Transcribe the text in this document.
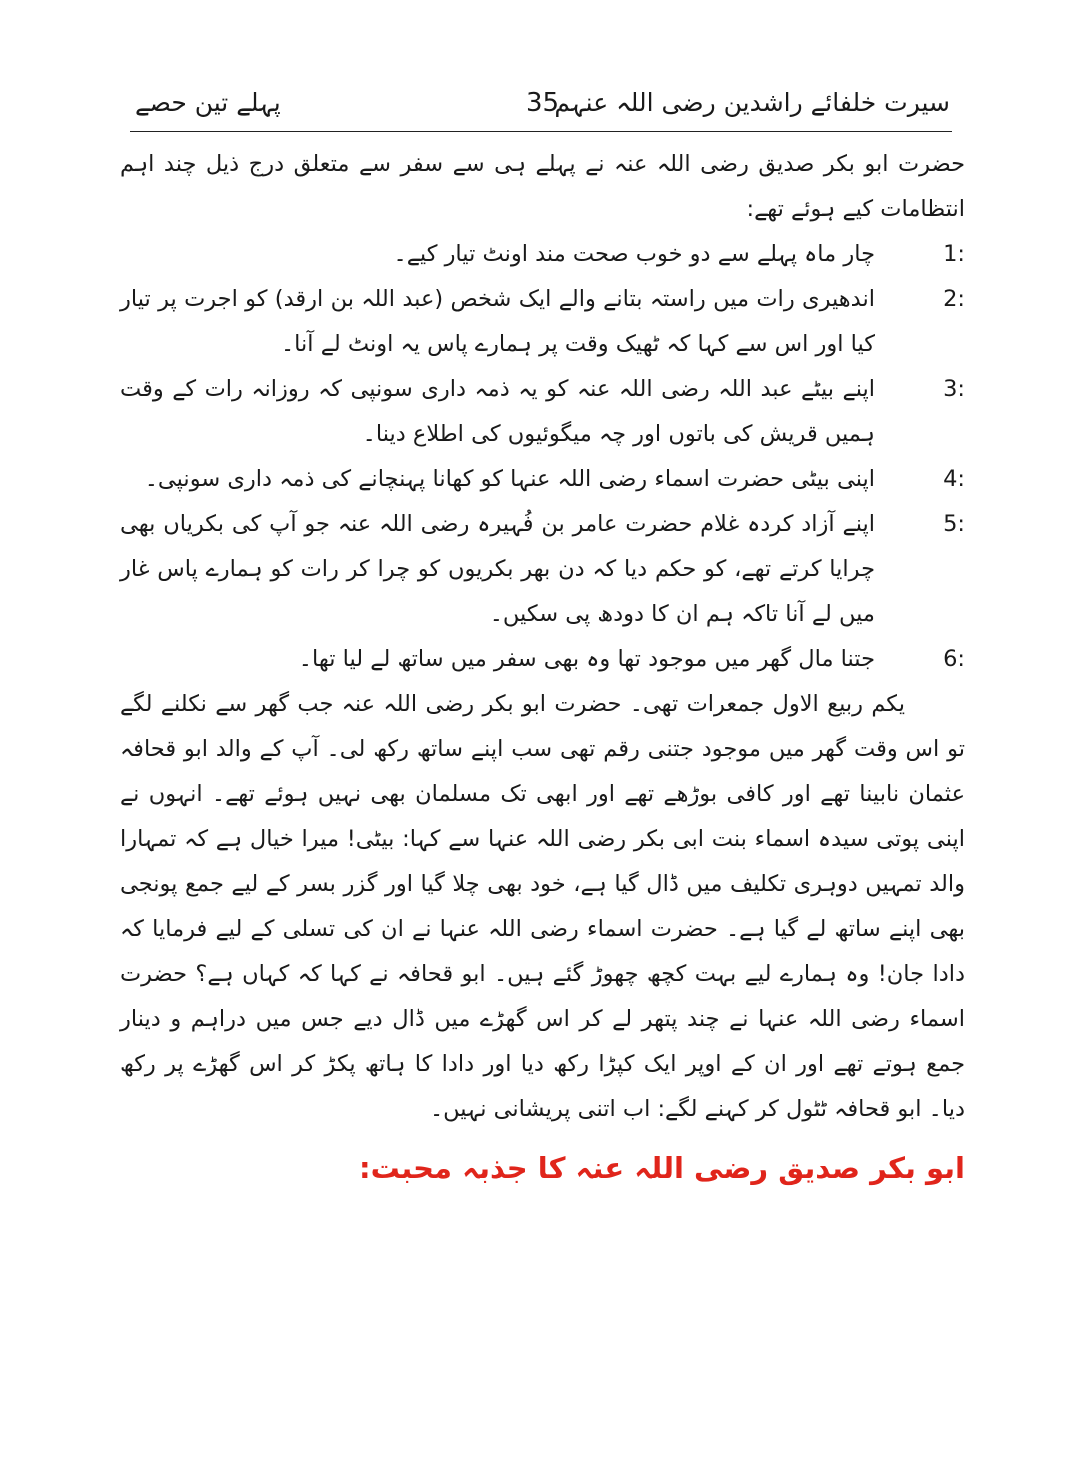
سیرت خلفائے راشدین رضی اللہ عنہم
35
پہلے تین حصے

حضرت ابو بکر صدیق رضی اللہ عنہ نے پہلے ہی سے سفر سے متعلق درج ذیل چند اہم انتظامات کیے ہوئے تھے:

1:
چار ماہ پہلے سے دو خوب صحت مند اونٹ تیار کیے۔

2:
اندھیری رات میں راستہ بتانے والے ایک شخص (عبد اللہ بن ارقد) کو اجرت پر تیار کیا اور اس سے کہا کہ ٹھیک وقت پر ہمارے پاس یہ اونٹ لے آنا۔

3:
اپنے بیٹے عبد اللہ رضی اللہ عنہ کو یہ ذمہ داری سونپی کہ روزانہ رات کے وقت ہمیں قریش کی باتوں اور چہ میگوئیوں کی اطلاع دینا۔

4:
اپنی بیٹی حضرت اسماء رضی اللہ عنہا کو کھانا پہنچانے کی ذمہ داری سونپی۔

5:
اپنے آزاد کردہ غلام حضرت عامر بن فُہیرہ رضی اللہ عنہ جو آپ کی بکریاں بھی چرایا کرتے تھے، کو حکم دیا کہ دن بھر بکریوں کو چرا کر رات کو ہمارے پاس غار میں لے آنا تاکہ ہم ان کا دودھ پی سکیں۔

6:
جتنا مال گھر میں موجود تھا وہ بھی سفر میں ساتھ لے لیا تھا۔

یکم ربیع الاول جمعرات تھی۔ حضرت ابو بکر رضی اللہ عنہ جب گھر سے نکلنے لگے تو اس وقت گھر میں موجود جتنی رقم تھی سب اپنے ساتھ رکھ لی۔ آپ کے والد ابو قحافہ عثمان نابینا تھے اور کافی بوڑھے تھے اور ابھی تک مسلمان بھی نہیں ہوئے تھے۔ انہوں نے اپنی پوتی سیدہ اسماء بنت ابی بکر رضی اللہ عنہا سے کہا: بیٹی! میرا خیال ہے کہ تمہارا والد تمہیں دوہری تکلیف میں ڈال گیا ہے، خود بھی چلا گیا اور گزر بسر کے لیے جمع پونجی بھی اپنے ساتھ لے گیا ہے۔ حضرت اسماء رضی اللہ عنہا نے ان کی تسلی کے لیے فرمایا کہ دادا جان! وہ ہمارے لیے بہت کچھ چھوڑ گئے ہیں۔ ابو قحافہ نے کہا کہ کہاں ہے؟ حضرت اسماء رضی اللہ عنہا نے چند پتھر لے کر اس گھڑے میں ڈال دیے جس میں دراہم و دینار جمع ہوتے تھے اور ان کے اوپر ایک کپڑا رکھ دیا اور دادا کا ہاتھ پکڑ کر اس گھڑے پر رکھ دیا۔ ابو قحافہ ٹٹول کر کہنے لگے: اب اتنی پریشانی نہیں۔

ابو بکر صدیق رضی اللہ عنہ کا جذبہ محبت:
